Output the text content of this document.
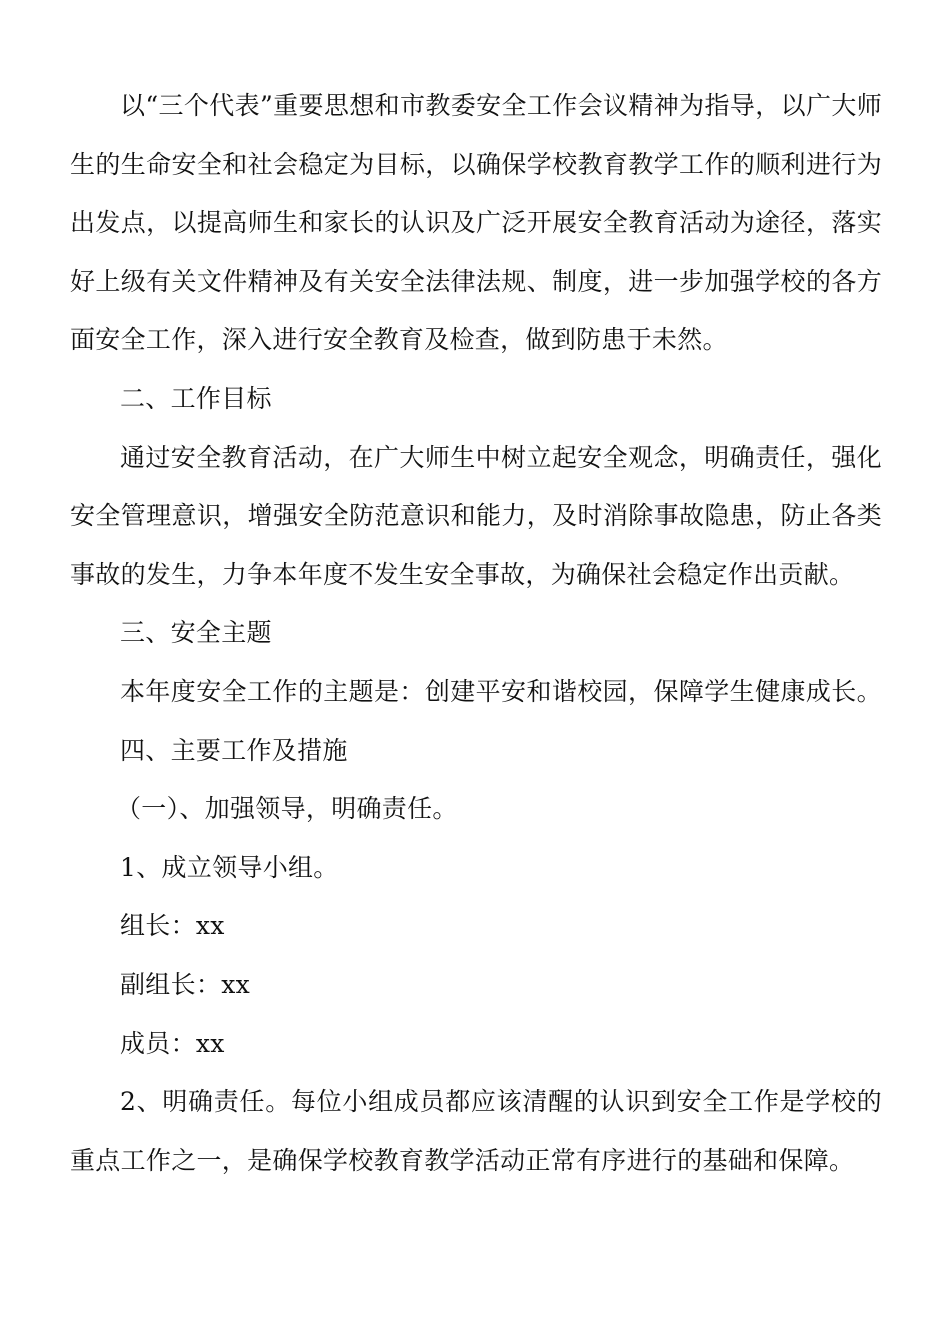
以“三个代表”重要思想和市教委安全工作会议精神为指导，以广大师生的生命安全和社会稳定为目标，以确保学校教育教学工作的顺利进行为出发点，以提高师生和家长的认识及广泛开展安全教育活动为途径，落实好上级有关文件精神及有关安全法律法规、制度，进一步加强学校的各方面安全工作，深入进行安全教育及检查，做到防患于未然。

二、工作目标

通过安全教育活动，在广大师生中树立起安全观念，明确责任，强化安全管理意识，增强安全防范意识和能力，及时消除事故隐患，防止各类事故的发生，力争本年度不发生安全事故，为确保社会稳定作出贡献。

三、安全主题

本年度安全工作的主题是：创建平安和谐校园，保障学生健康成长。

四、主要工作及措施

（一）、加强领导，明确责任。

1、成立领导小组。

组长：xx

副组长：xx

成员：xx

2、明确责任。每位小组成员都应该清醒的认识到安全工作是学校的重点工作之一，是确保学校教育教学活动正常有序进行的基础和保障。
